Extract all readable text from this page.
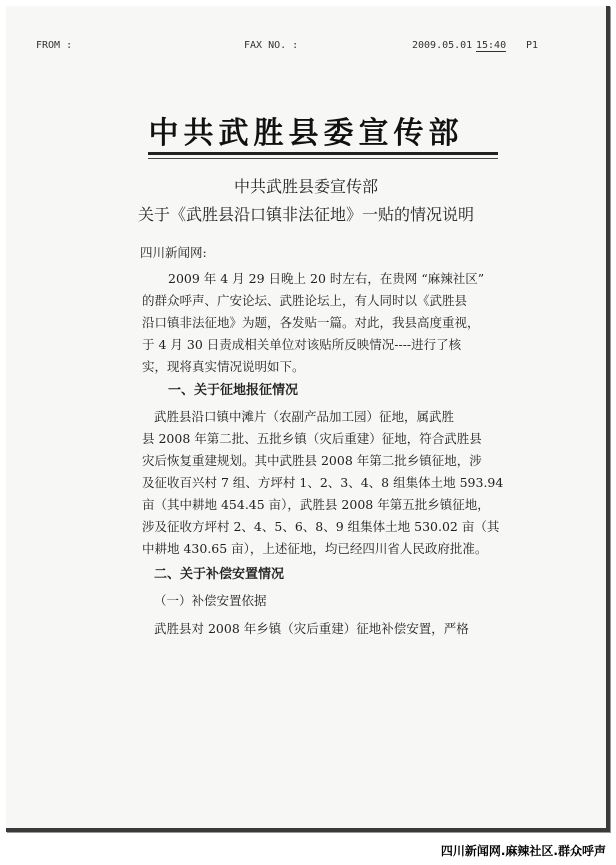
FROM :	FAX NO. :	2009.05.01 15:40 P1
中共武胜县委宣传部
中共武胜县委宣传部
关于《武胜县沿口镇非法征地》一贴的情况说明
四川新闻网:
2009 年 4 月 29 日晚上 20 时左右，在贵网 “麻辣社区”
的群众呼声、广安论坛、武胜论坛上，有人同时以《武胜县
沿口镇非法征地》为题，各发贴一篇。对此，我县高度重视，
于 4 月 30 日责成相关单位对该贴所反映情况----进行了核
实，现将真实情况说明如下。
一、关于征地报征情况
武胜县沿口镇中滩片（农副产品加工园）征地，属武胜
县 2008 年第二批、五批乡镇（灾后重建）征地，符合武胜县
灾后恢复重建规划。其中武胜县 2008 年第二批乡镇征地，涉
及征收百兴村 7 组、方坪村 1、2、3、4、8 组集体土地 593.94
亩（其中耕地 454.45 亩），武胜县 2008 年第五批乡镇征地，
涉及征收方坪村 2、4、5、6、8、9 组集体土地 530.02 亩（其
中耕地 430.65 亩），上述征地，均已经四川省人民政府批准。
二、关于补偿安置情况
（一）补偿安置依据
武胜县对 2008 年乡镇（灾后重建）征地补偿安置，严格
四川新闻网.麻辣社区.群众呼声
